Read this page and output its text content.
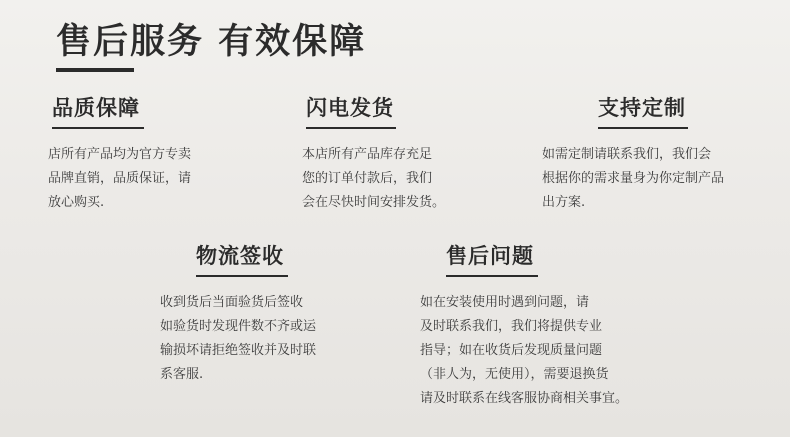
售后服务 有效保障
品质保障
店所有产品均为官方专卖
品牌直销，品质保证，请
放心购买.
闪电发货
本店所有产品库存充足
您的订单付款后，我们
会在尽快时间安排发货。
支持定制
如需定制请联系我们，我们会
根据你的需求量身为你定制产品
出方案.
物流签收
收到货后当面验货后签收
如验货时发现件数不齐或运
输损坏请拒绝签收并及时联
系客服.
售后问题
如在安装使用时遇到问题，请
及时联系我们，我们将提供专业
指导；如在收货后发现质量问题
（非人为，无使用），需要退换货
请及时联系在线客服协商相关事宜。
